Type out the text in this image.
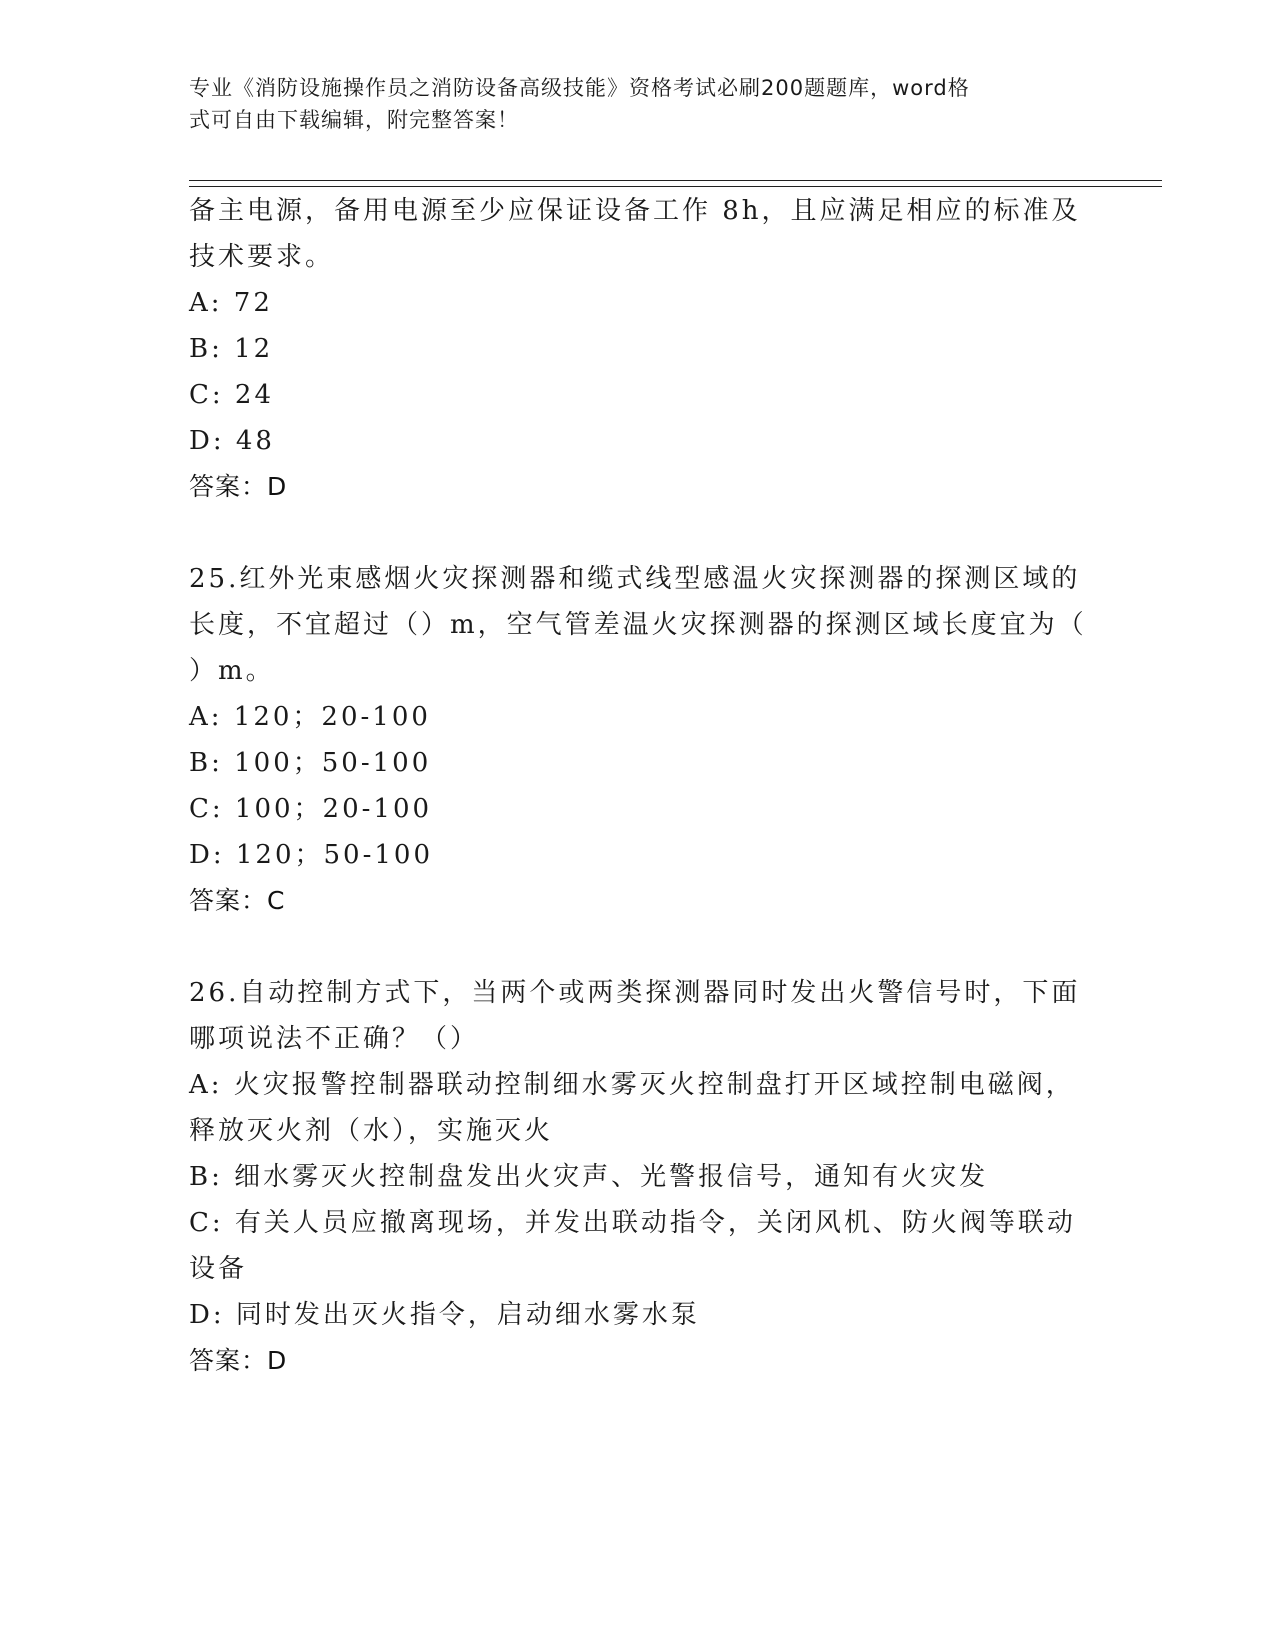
专业《消防设施操作员之消防设备高级技能》资格考试必刷200题题库，word格
式可自由下载编辑，附完整答案！
备主电源，备用电源至少应保证设备工作 8h，且应满足相应的标准及
技术要求。
A: 72
B: 12
C: 24
D: 48
答案：D
25.红外光束感烟火灾探测器和缆式线型感温火灾探测器的探测区域的
长度，不宜超过（）m，空气管差温火灾探测器的探测区域长度宜为（
）m。
A: 120；20-100
B: 100；50-100
C: 100；20-100
D: 120；50-100
答案：C
26.自动控制方式下，当两个或两类探测器同时发出火警信号时，下面
哪项说法不正确？（）
A: 火灾报警控制器联动控制细水雾灭火控制盘打开区域控制电磁阀，
释放灭火剂（水），实施灭火
B: 细水雾灭火控制盘发出火灾声、光警报信号，通知有火灾发
C: 有关人员应撤离现场，并发出联动指令，关闭风机、防火阀等联动
设备
D: 同时发出灭火指令，启动细水雾水泵
答案：D
